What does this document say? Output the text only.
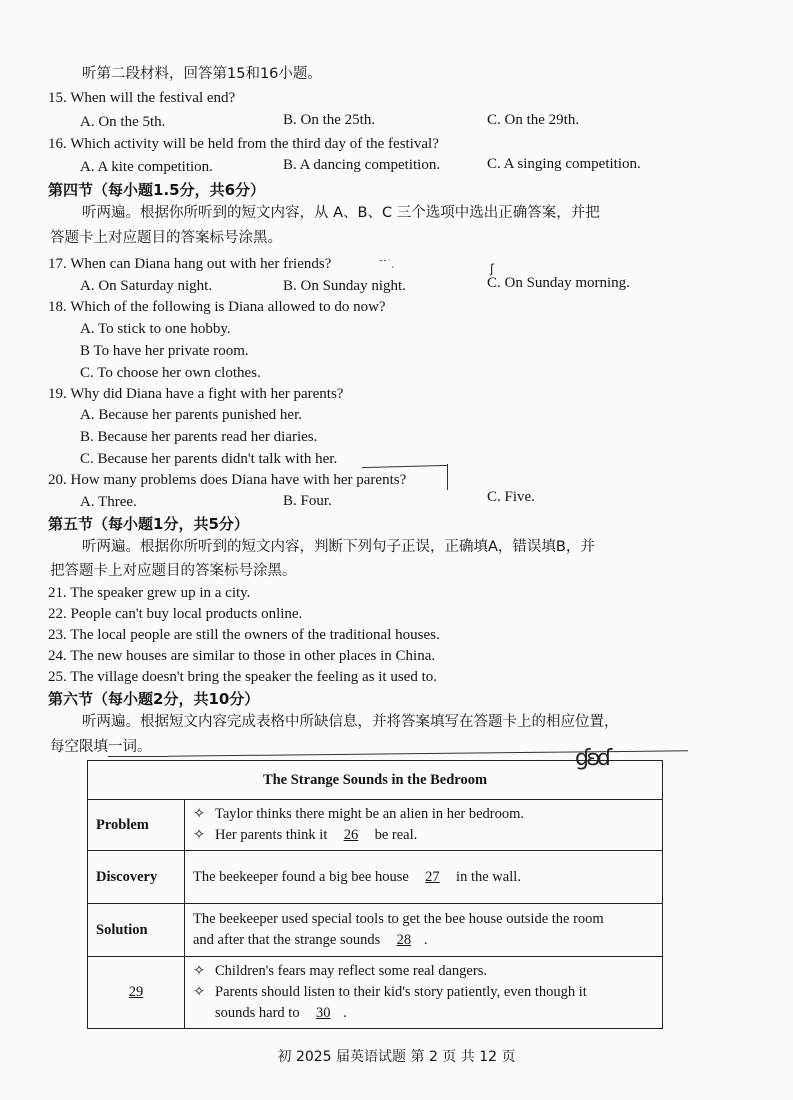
听第二段材料，回答第15和16小题。
15. When will the festival end?
A. On the 5th.	B. On the 25th.	C. On the 29th.
16. Which activity will be held from the third day of the festival?
A. A kite competition.	B. A dancing competition.	C. A singing competition.
第四节（每小题1.5分，共6分）
听两遍。根据你所听到的短文内容，从 A、B、C 三个选项中选出正确答案，并把
答题卡上对应题目的答案标号涂黑。
17. When can Diana hang out with her friends?	˘˘˙˛
A. On Saturday night.	B. On Sunday night.	C. On Sunday morning.
ʃ
18. Which of the following is Diana allowed to do now?
A. To stick to one hobby.
B To have her private room.
C. To choose her own clothes.
19. Why did Diana have a fight with her parents?
A. Because her parents punished her.
B. Because her parents read her diaries.
C. Because her parents didn't talk with her.
20. How many problems does Diana have with her parents?
A. Three.	B. Four.	C. Five.
第五节（每小题1分，共5分）
听两遍。根据你所听到的短文内容，判断下列句子正误，正确填A，错误填B，并
把答题卡上对应题目的答案标号涂黑。
21. The speaker grew up in a city.
22. People can't buy local products online.
23. The local people are still the owners of the traditional houses.
24. The new houses are similar to those in other places in China.
25. The village doesn't bring the speaker the feeling as it used to.
第六节（每小题2分，共10分）
听两遍。根据短文内容完成表格中所缺信息，并将答案填写在答题卡上的相应位置，
每空限填一词。	ɠʚɗ
The Strange Sounds in the Bedroom	
Problem	✧ Taylor thinks there might be an alien in her bedroom.
✧ Her parents think it 26 be real.

Discovery	The beekeeper found a big bee house 27 in the wall.
Solution	The beekeeper used special tools to get the bee house outside the room
and after that the strange sounds 28 .

29	✧ Children's fears may reflect some real dangers.
✧ Parents should listen to their kid's story patiently, even though it
sounds hard to 30 .
初 2025 届英语试题 第 2 页 共 12 页
